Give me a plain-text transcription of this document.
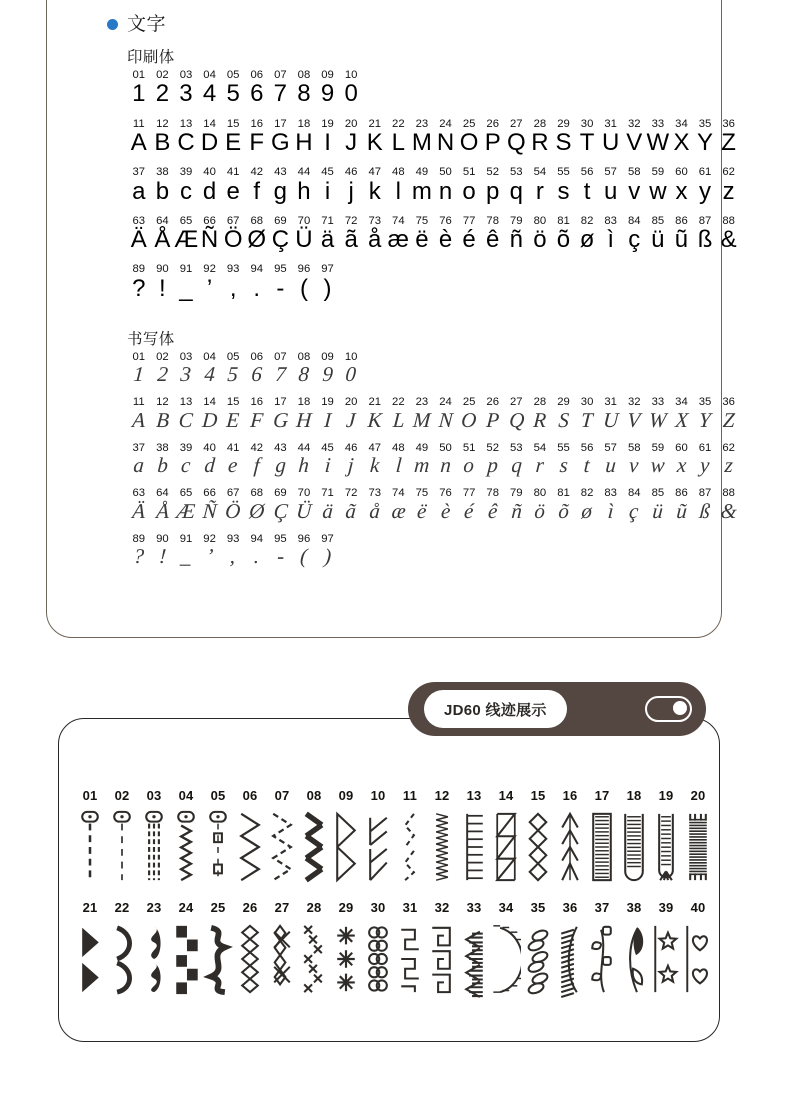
文字
印刷体
01 02 03 04 05 06 07 08 09 10
1 2 3 4 5 6 7 8 9 0
11	12 13 14 15 16 17 18 19 20 21 22 23 24 25 26 27 28 29 30 31 32 33 34 35 36
A B C D E F G H I J K L M N O P Q R S T U V W X Y Z
37 38 39 40 41 42 43 44 45 46 47 48 49 50 51 52 53 54 55 56 57 58 59 60 61 62
a b c d e f g h i j k l m n o p q r s t u v w x y z
63 64 65 66 67 68 69 70 71 72 73 74 75 76 77 78 79 80 81 82 83 84 85 86 87 88
Ä Å Æ Ñ Ö Ø Ç Ü ä ã å æ ë è é ê ñ ö õ ø ì ç ü ũ ß &
89 90 91 92 93 94 95 96 97
? ! _ ’ , . - ( )
书写体
01 02 03 04 05 06 07 08 09 10
1 2 3 4 5 6 7 8 9 0
11	12 13 14 15 16 17 18 19 20 21 22 23 24 25 26 27 28 29 30 31 32 33 34 35 36
A B C D E F G H I J K L M N O P Q R S T U V W X Y Z
37 38 39 40 41 42 43 44 45 46 47 48 49 50 51 52 53 54 55 56 57 58 59 60 61 62
a b c d e f g h i j k l m n o p q r s t u v w x y z
63 64 65 66 67 68 69 70 71 72 73 74 75 76 77 78 79 80 81 82 83 84 85 86 87 88
Ä Å Æ Ñ Ö Ø Ç Ü ä ã å æ ë è é ê ñ ö õ ø ì ç ü ũ ß &
89 90 91 92 93 94 95 96 97
? ! _ ’ , . - ( )
JD60 线迹展示
01 02 03 04 05 06 07 08 09 10 11 12 13 14 15 16 17 18 19 20
21 22 23 24 25 26 27 28 29 30 31 32 33 34 35 36 37 38 39 40
